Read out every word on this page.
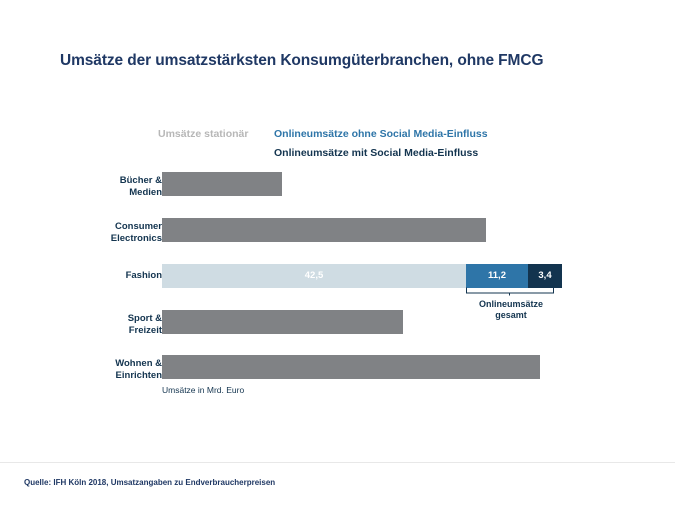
Umsätze der umsatzstärksten Konsumgüterbranchen, ohne FMCG
Umsätze stationär Onlineumsätze ohne Social Media-Einfluss
Onlineumsätze mit Social Media-Einfluss
Bücher &
Medien
Consumer
Electronics
Fashion	42,5	11,2	3,4
Sport &
Freizeit
Wohnen &
Einrichten
Onlineumsätze
gesamt
Umsätze in Mrd. Euro
Quelle: IFH Köln 2018, Umsatzangaben zu Endverbraucherpreisen
